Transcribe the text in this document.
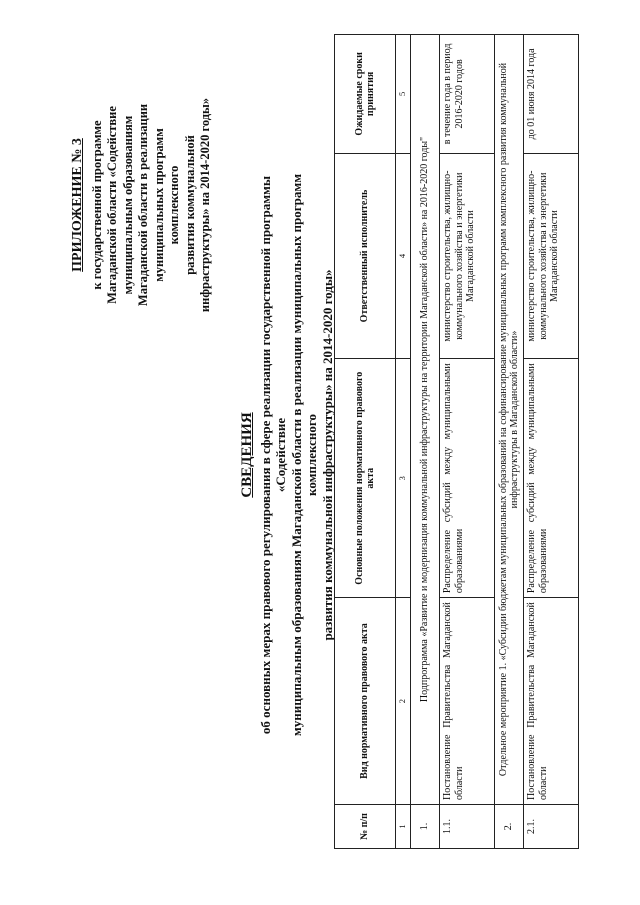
ПРИЛОЖЕНИЕ № 3 к государственной программе Магаданской области «Содействие муниципальным образованиям Магаданской области в реализации муниципальных программ комплексного развития коммунальной инфраструктуры» на 2014-2020 годы»
СВЕДЕНИЯ об основных мерах правового регулирования в сфере реализации государственной программы «Содействие муниципальным образованиям Магаданской области в реализации муниципальных программ комплексного развития коммунальной инфраструктуры» на 2014-2020 годы»
№ п/п	Вид нормативного правового акта	Основные положения нормативного правового акта	Ответственный исполнитель	Ожидаемые сроки принятия
1	2	3	4	5
1.	Подпрограмма «Развитие и модернизация коммунальной инфраструктуры на территории Магаданской области» на 2016-2020 годы"			
1.1.	Постановление Правительства Магаданской области	Распределение субсидий между муниципальными образованиями	министерство строительства, жилищно-коммунального хозяйства и энергетики Магаданской области	в течение года в период 2016-2020 годов
2.	Отдельное мероприятие 1. «Субсидии бюджетам муниципальных образований на софинансирование муниципальных программ комплексного развития коммунальной инфраструктуры в Магаданской области»			
2.1.	Постановление Правительства Магаданской области	Распределение субсидий между муниципальными образованиями	министерство строительства, жилищно-коммунального хозяйства и энергетики Магаданской области	до 01 июня 2014 года
